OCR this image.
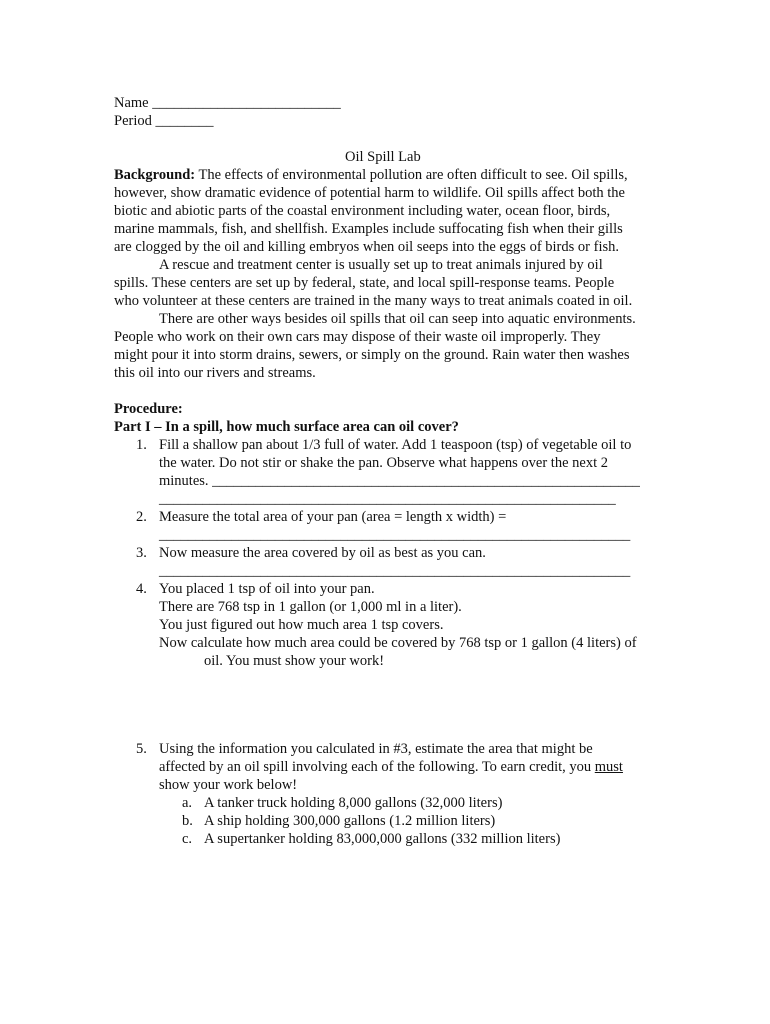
Name __________________________
Period ________
Oil Spill Lab
Background: The effects of environmental pollution are often difficult to see. Oil spills,
however, show dramatic evidence of potential harm to wildlife. Oil spills affect both the
biotic and abiotic parts of the coastal environment including water, ocean floor, birds,
marine mammals, fish, and shellfish. Examples include suffocating fish when their gills
are clogged by the oil and killing embryos when oil seeps into the eggs of birds or fish.
A rescue and treatment center is usually set up to treat animals injured by oil
spills. These centers are set up by federal, state, and local spill-response teams. People
who volunteer at these centers are trained in the many ways to treat animals coated in oil.
There are other ways besides oil spills that oil can seep into aquatic environments.
People who work on their own cars may dispose of their waste oil improperly. They
might pour it into storm drains, sewers, or simply on the ground. Rain water then washes
this oil into our rivers and streams.
Procedure:
Part I – In a spill, how much surface area can oil cover?
1. Fill a shallow pan about 1/3 full of water. Add 1 teaspoon (tsp) of vegetable oil to
the water. Do not stir or shake the pan. Observe what happens over the next 2
minutes. ___________________________________________________________
_______________________________________________________________
2. Measure the total area of your pan (area = length x width) =
_________________________________________________________________
3. Now measure the area covered by oil as best as you can.
_________________________________________________________________
4. You placed 1 tsp of oil into your pan.
There are 768 tsp in 1 gallon (or 1,000 ml in a liter).
You just figured out how much area 1 tsp covers.
Now calculate how much area could be covered by 768 tsp or 1 gallon (4 liters) of
oil. You must show your work!
5. Using the information you calculated in #3, estimate the area that might be
affected by an oil spill involving each of the following. To earn credit, you must
show your work below!
a. A tanker truck holding 8,000 gallons (32,000 liters)
b. A ship holding 300,000 gallons (1.2 million liters)
c. A supertanker holding 83,000,000 gallons (332 million liters)
